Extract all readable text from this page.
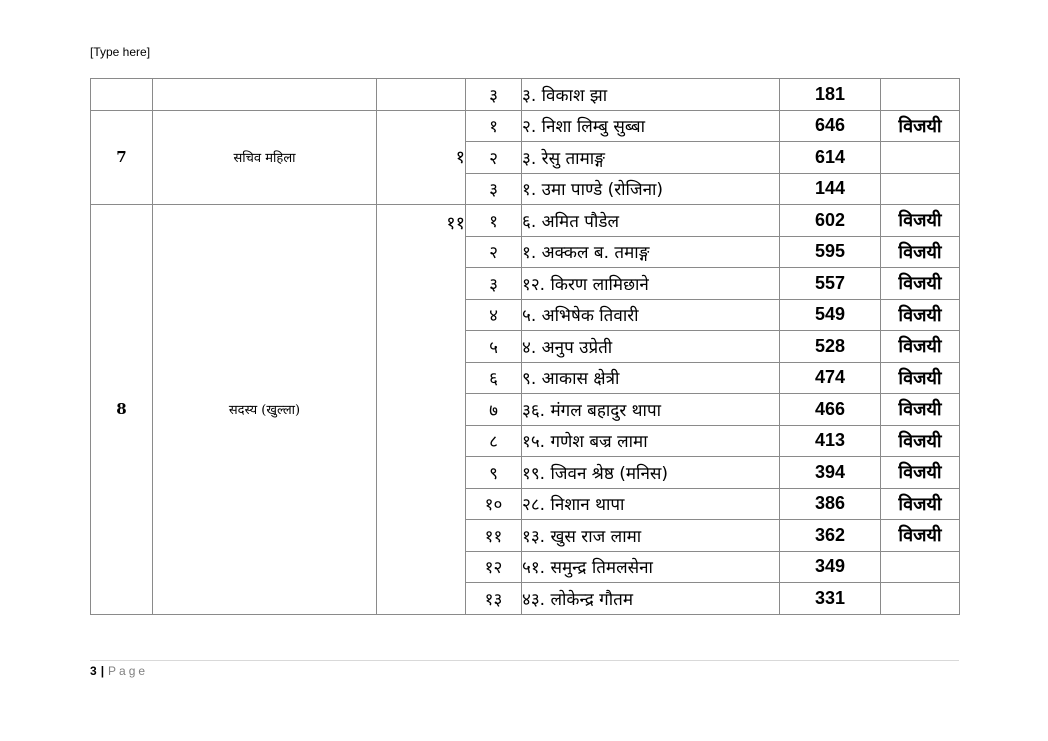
[Type here]
			३	३. विकाश झा	181	
7	सचिव महिला	१	१	२. निशा लिम्बु सुब्बा	646	विजयी
			२	३. रेसु तामाङ्ग	614	
			३	१. उमा पाण्डे (रोजिना)	144	
8	सदस्य (खुल्ला)	११	१	६. अमित पौडेल	602	विजयी
			२	१. अक्कल ब. तमाङ्ग	595	विजयी
			३	१२. किरण लामिछाने	557	विजयी
			४	५. अभिषेक तिवारी	549	विजयी
			५	४. अनुप उप्रेती	528	विजयी
			६	९. आकास क्षेत्री	474	विजयी
			७	३६. मंगल बहादुर थापा	466	विजयी
			८	१५. गणेश बज्र लामा	413	विजयी
			९	१९. जिवन श्रेष्ठ (मनिस)	394	विजयी
			१०	२८. निशान थापा	386	विजयी
			११	१३. खुस राज लामा	362	विजयी
			१२	५१. समुन्द्र तिमलसेना	349	
			१३	४३. लोकेन्द्र गौतम	331	
3 | Page
